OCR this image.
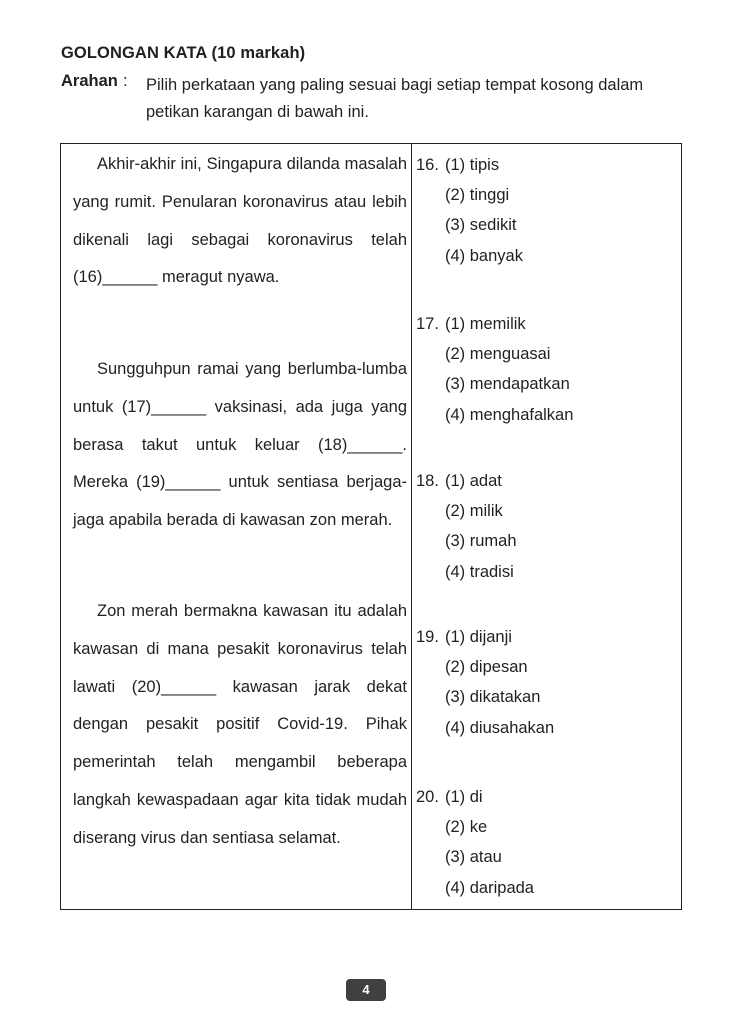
GOLONGAN KATA (10 markah)
Arahan : Pilih perkataan yang paling sesuai bagi setiap tempat kosong dalam petikan karangan di bawah ini.

Akhir-akhir ini, Singapura dilanda masalah yang rumit. Penularan koronavirus atau lebih dikenali lagi sebagai koronavirus telah (16)______ meragut nyawa.

Sungguhpun ramai yang berlumba-lumba untuk (17)______ vaksinasi, ada juga yang berasa takut untuk keluar (18)______. Mereka (19)______ untuk sentiasa berjaga-jaga apabila berada di kawasan zon merah.

Zon merah bermakna kawasan itu adalah kawasan di mana pesakit koronavirus telah lawati (20)______ kawasan jarak dekat dengan pesakit positif Covid-19. Pihak pemerintah telah mengambil beberapa langkah kewaspadaan agar kita tidak mudah diserang virus dan sentiasa selamat.

16. (1) tipis
(2) tinggi
(3) sedikit
(4) banyak
17. (1) memilik
(2) menguasai
(3) mendapatkan
(4) menghafalkan
18. (1) adat
(2) milik
(3) rumah
(4) tradisi
19. (1) dijanji
(2) dipesan
(3) dikatakan
(4) diusahakan
20. (1) di
(2) ke
(3) atau
(4) daripada
4
